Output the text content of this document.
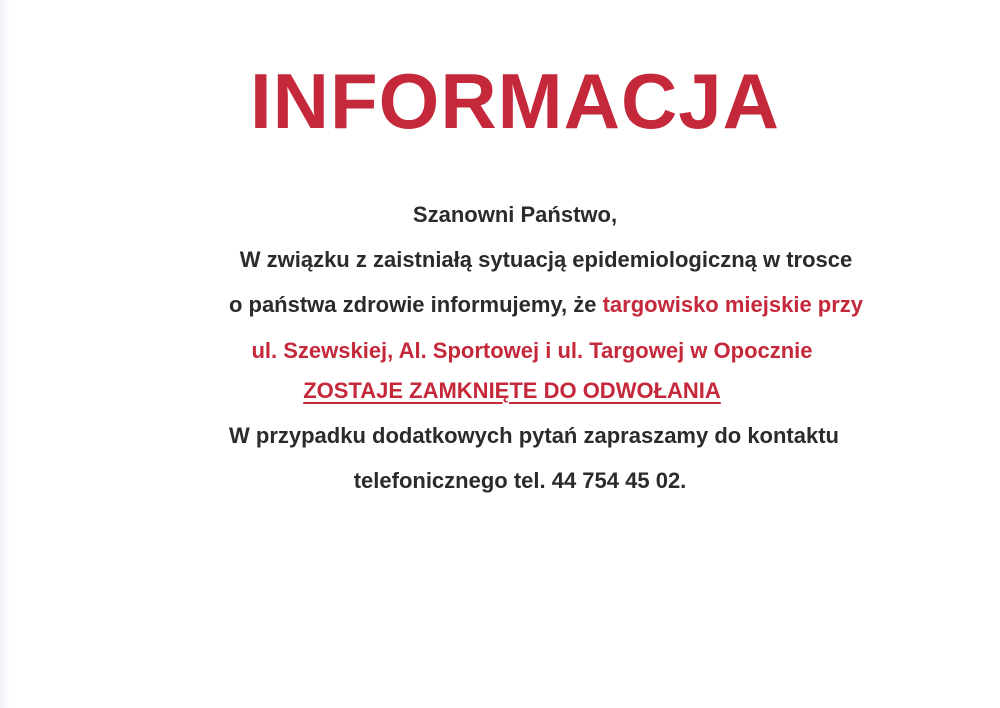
INFORMACJA
Szanowni Państwo,
W związku z zaistniałą sytuacją epidemiologiczną w trosce
o państwa zdrowie informujemy, że targowisko miejskie przy
ul. Szewskiej, Al. Sportowej i ul. Targowej w Opocznie
ZOSTAJE ZAMKNIĘTE DO ODWOŁANIA
W przypadku dodatkowych pytań zapraszamy do kontaktu
telefonicznego tel. 44 754 45 02.
